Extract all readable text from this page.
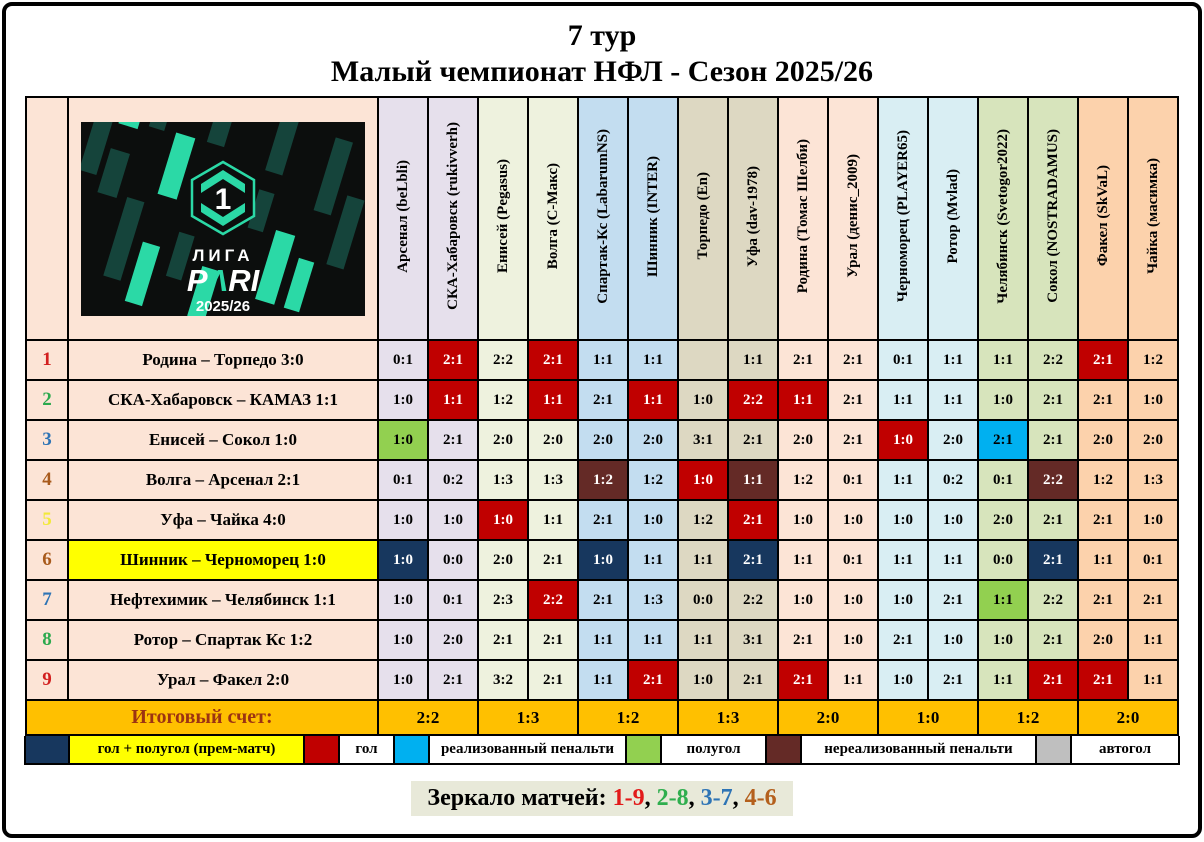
7 тур
Малый чемпионат НФЛ - Сезон 2025/26

1
ЛИГА
PΛRI
2025/26	Арсенал (beLbli)	СКА-Хабаровск (rukivverh)	Енисей (Pegasus)	Волга (С-Макс)	Спартак-Кс (LabarumNS)	Шинник (INTER)	Торпедо (En)	Уфа (dav-1978)	Родина (Томас Шелби)	Урал (денис_2009)	Черноморец (PLAYER65)	Ротор (Mvlad)	Челябинск (Svetogor2022)	Сокол (NOSTRADAMUS)	Факел (SkVaL)	Чайка (масимка)
1	Родина – Торпедо 3:0	0:1	2:1	2:2	2:1	1:1	1:1		1:1	2:1	2:1	0:1	1:1	1:1	2:2	2:1	1:2
2	СКА-Хабаровск – КАМАЗ 1:1	1:0	1:1	1:2	1:1	2:1	1:1	1:0	2:2	1:1	2:1	1:1	1:1	1:0	2:1	2:1	1:0
3	Енисей – Сокол 1:0	1:0	2:1	2:0	2:0	2:0	2:0	3:1	2:1	2:0	2:1	1:0	2:0	2:1	2:1	2:0	2:0
4	Волга – Арсенал 2:1	0:1	0:2	1:3	1:3	1:2	1:2	1:0	1:1	1:2	0:1	1:1	0:2	0:1	2:2	1:2	1:3
5	Уфа – Чайка 4:0	1:0	1:0	1:0	1:1	2:1	1:0	1:2	2:1	1:0	1:0	1:0	1:0	2:0	2:1	2:1	1:0
6	Шинник – Черноморец 1:0	1:0	0:0	2:0	2:1	1:0	1:1	1:1	2:1	1:1	0:1	1:1	1:1	0:0	2:1	1:1	0:1
7	Нефтехимик – Челябинск 1:1	1:0	0:1	2:3	2:2	2:1	1:3	0:0	2:2	1:0	1:0	1:0	2:1	1:1	2:2	2:1	2:1
8	Ротор – Спартак Кс 1:2	1:0	2:0	2:1	2:1	1:1	1:1	1:1	3:1	2:1	1:0	2:1	1:0	1:0	2:1	2:0	1:1
9	Урал – Факел 2:0	1:0	2:1	3:2	2:1	1:1	2:1	1:0	2:1	2:1	1:1	1:0	2:1	1:1	2:1	2:1	1:1
Итоговый счет:		2:2		1:3		1:2		1:3		2:0		1:0		1:2		2:0	
гол + полугол (прем-матч)	гол	реализованный пенальти	полугол	нереализованный пенальти	автогол
Зеркало матчей: 1-9, 2-8, 3-7, 4-6
